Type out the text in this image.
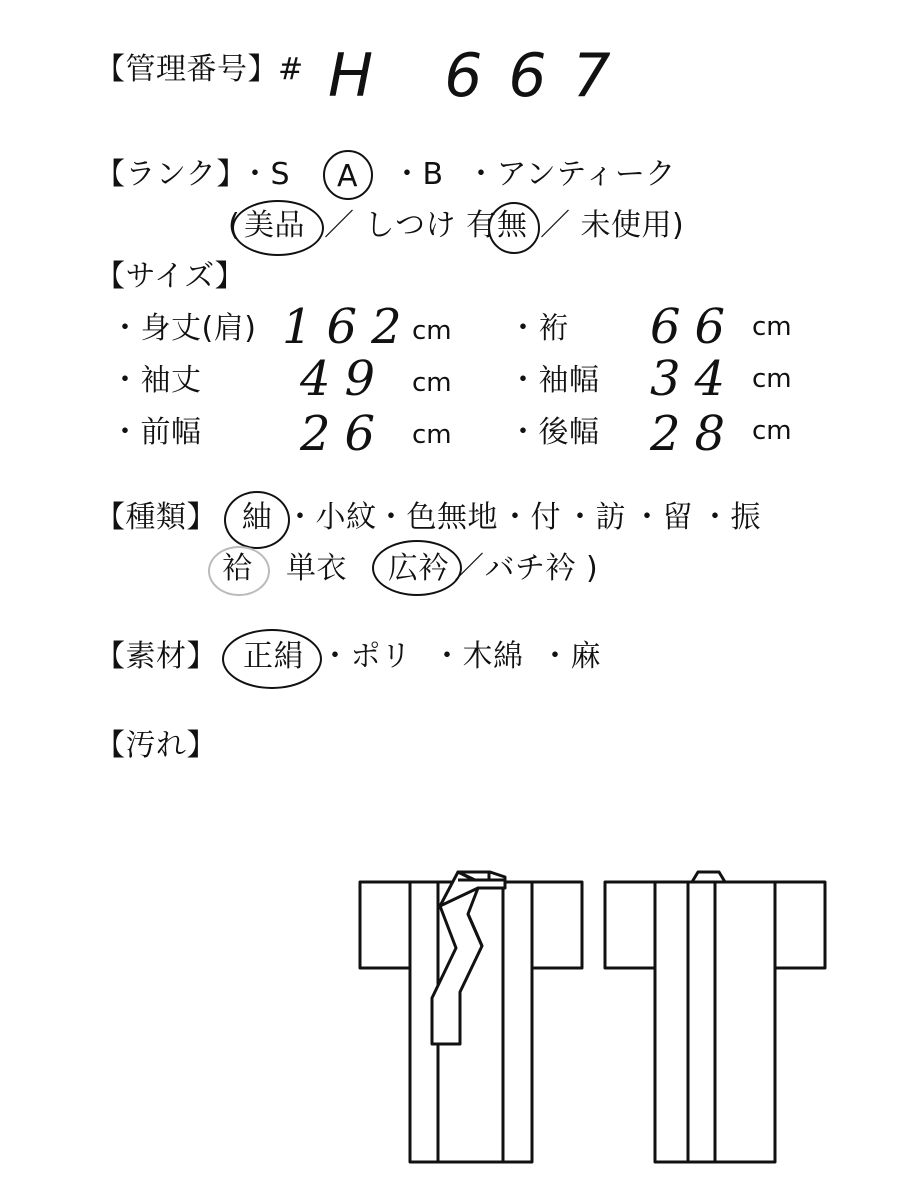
【管理番号】# H 667
【ランク】
・S A ・B ・アンティーク
( 美品 ／ しつけ 有 無 ／ 未使用)
【サイズ】
・身丈(肩) 162
cm ・裄 66 cm
・袖丈 49 cm ・袖幅 34 cm
・前幅 26 cm ・後幅 28 cm
【種類】 紬 ・小紋 ・色無地 ・付 ・訪 ・留 ・振
袷 単衣 広衿 ／バチ衿 )
【素材】 正絹 ・ポリ ・木綿 ・麻
【汚れ】
